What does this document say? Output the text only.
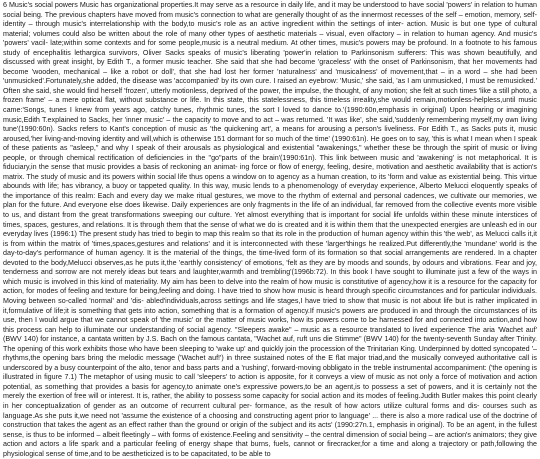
6 Music's social powers Music has organizational properties.It may serve as a resource in daily life, and it may be understood to have social 'powers' in relation to human social being. The previous chapters have moved from music's connection to what are generally thought of as the innermost recesses of the self – emotion, memory, self-identity – through music's interrelationship with the body,to music's role as an active ingredient within the settings of inter- action. Music is but one type of cultural material; volumes could also be written about the role of many other types of aesthetic materials – visual, even olfactory – in relation to human agency. And music's 'powers' vacil- late;within some contexts and for some people,music is a neutral medium. At other times, music's powers may be profound. In a footnote to his famous study of encephalitis lethargica survivors, Oliver Sacks speaks of music's liberating 'power'in relation to Parkinsonism sufferers: This was shown beautifully, and discussed with great insight, by Edith T., a former music teacher. She said that she had become 'graceless' with the onset of Parkinsonism, that her movements had become 'wooden, mechanical – like a robot or doll', that she had lost her former 'naturalness' and 'musicalness' of movement,that – in a word – she had been 'unmusicked'.Fortunately,she added, the disease was 'accompanied' by its own cure. I raised an eyebrow: 'Music,' she said, 'as I am unmusicked, I must be remusicked.' Often she said, she would find herself 'frozen', utterly motionless, deprived of the power, the impulse, the thought, of any motion; she felt at such times 'like a still photo, a frozen frame' – a mere optical flat, without substance or life. In this state, this statelessness, this timeless irreality,she would remain,motionless-helpless,until music came:'Songs, tunes I knew from years ago, catchy tunes, rhythmic tunes, the sort I loved to dance to.'(1990:60n,emphasis in original) Upon hearing or imagining music,Edith T.explained to Sacks, her 'inner music' – the capacity to move and to act – was returned. 'It was like', she said,'suddenly remembering myself,my own living tune'(1990:60n). Sacks refers to Kant's conception of music as 'the quickening art', a means for arousing a person's liveliness. For Edith T., as Sacks puts it, music aroused,'her living-and-moving identity and will,which is otherwise 151 dormant for so much of the time' (1990:61n). He goes on to say, 'this is what I mean when I speak of these patients as "asleep," and why I speak of their arousals as physiological and existential "awakenings," whether these be through the spirit of music or living people, or through chemical rectification of deficiencies in the "go"parts of the brain'(1990:61n). This link between music and 'awakening' is not metaphorical. It is fiduciary,in the sense that music provides a basis of reckoning an animat- ing force or flow of energy, feeling, desire, motivation and aesthetic availability that is action's matrix. The study of music and its powers within social life thus opens a window on to agency as a human creation, to its 'form and value as existential being. This virtue abounds with life; has vibrancy, a buoy or tappeted quality. In this way, music lends to a phenomenology of everyday experience, Alberto Melucci eloquently speaks of the importance of this realm: Each and every day we make ritual gestures, we move to the rhythm of external and personal cadences, we cultivate our memories, we plan for the future. And everyone else does likewise. Daily experiences are only fragments in the life of an individual, far removed from the collective events more visible to us, and distant from the great transformations sweeping our culture. Yet almost everything that is important for social life unfolds within these minute interstices of times, spaces, gestures, and relations. It is through them that the sense of what we do is created and it is within them that the unexpected energies are unleash ed in our everyday lives (1996:1) The present study has tried to begin to map this realm so that its role in the production of human agency within this 'the web', as Melucci calls it,it is from within the matrix of 'times,spaces,gestures and relations' and it is interconnected with these 'larger'things he realized.Put differently,the 'mundane' world is the day-to-day's performance of human agency. It is the material of the things, the time-lived form of its formation so that social arrangements are rendered. In a chapter devoted to the body,Melucci observes,as he puts it,the 'earthly consistency' of emotions, 'felt as they are by moods and sounds, by odours and vibrations. Fear and joy, tenderness and sorrow are not merely ideas but tears and laughter,warmth and trembling'(1996b:72). In this book I have sought to illuminate just a few of the ways in which music is involved in this kind of materiality. My aim has been to delve into the realm of how music is constitutive of agency,how it is a resource for the capacity for action, for modes of feeling and texture for being,feeling and doing. I have tried to show how music is heard through specific circumstances and for particular individuals. Moving between so-called 'normal' and 'dis- abled'individuals,across settings and life stages,I have tried to show that music is not about life but is rather implicated in it,formulative of life;it is something that gets into action, something that is a formation of agency.If music's powers are produced in and through the circumstances of its use, then I would argue that we cannot speak of 'the music' or the matter of music works, how its powers come to be harnessed for and connected into action,and how this process can help to illuminate our understanding of social agency. "Sleepers awake" – music as a resource translated to lived experience The aria 'Wachet auf' (BWV 140) for instance, a cantata written by J.S. Bach on the famous cantata, "Wachet auf, ruft uns die Stimme" (BWV 140) for the twenty-seventh Sunday after Trinity. The opening of this work exhibits those who have been sleeping to 'wake up' and quickly join the procession of the Trinitarian King. Underpinned by dotted syncopated '– rhythms,the opening bars bring the melodic message ('Wachet auf!') in three sustained notes of the E flat major triad,and the musically conveyed authoritative call is underscored by a busy counterpoint of the alto, tenor and bass parts and a 'rushing', forward-moving obbligato in the treble instrumental accompaniment: ('the opening is illustrated in figure 7.1) The metaphor of using music to call 'sleepers' to action is apposite, for it conveys a view of music as not only a force of motivation and action potential, as something that provides a basis for agency,to animate one's expressive powers,to be an agent,is to possess a set of powers, and it is certainly not the merely the exertion of free will or interest. It is, rather, the ability to possess some capacity for social action and its modes of feeling.Judith Butler makes this point clearly in her conceptualization of gender as an outcome of recurrent cultural per- formance, as the result of how actors utilize cultural forms and dis- courses such as language.As she puts it,we need not 'assume the existence of a choosing and constructing agent prior to language' ... there is also a more radical use of the doctrine of construction that takes the agent as an effect rather than the ground or origin of the subject and its acts' (1990:27n.1, emphasis in original). To be an agent, in the fullest sense, is thus to be informed – albeit fleetingly – with forms of existence.Feeling and sensitivity – the central dimension of social being – are action's animators; they give action and actors a life spark and a particular feeling of energy shape that burns, fuels, cannot or firecracker,for a time and along a trajectory or path,following the physiological sense of time,and to be aestheticized is to be capacitated, to be able to
